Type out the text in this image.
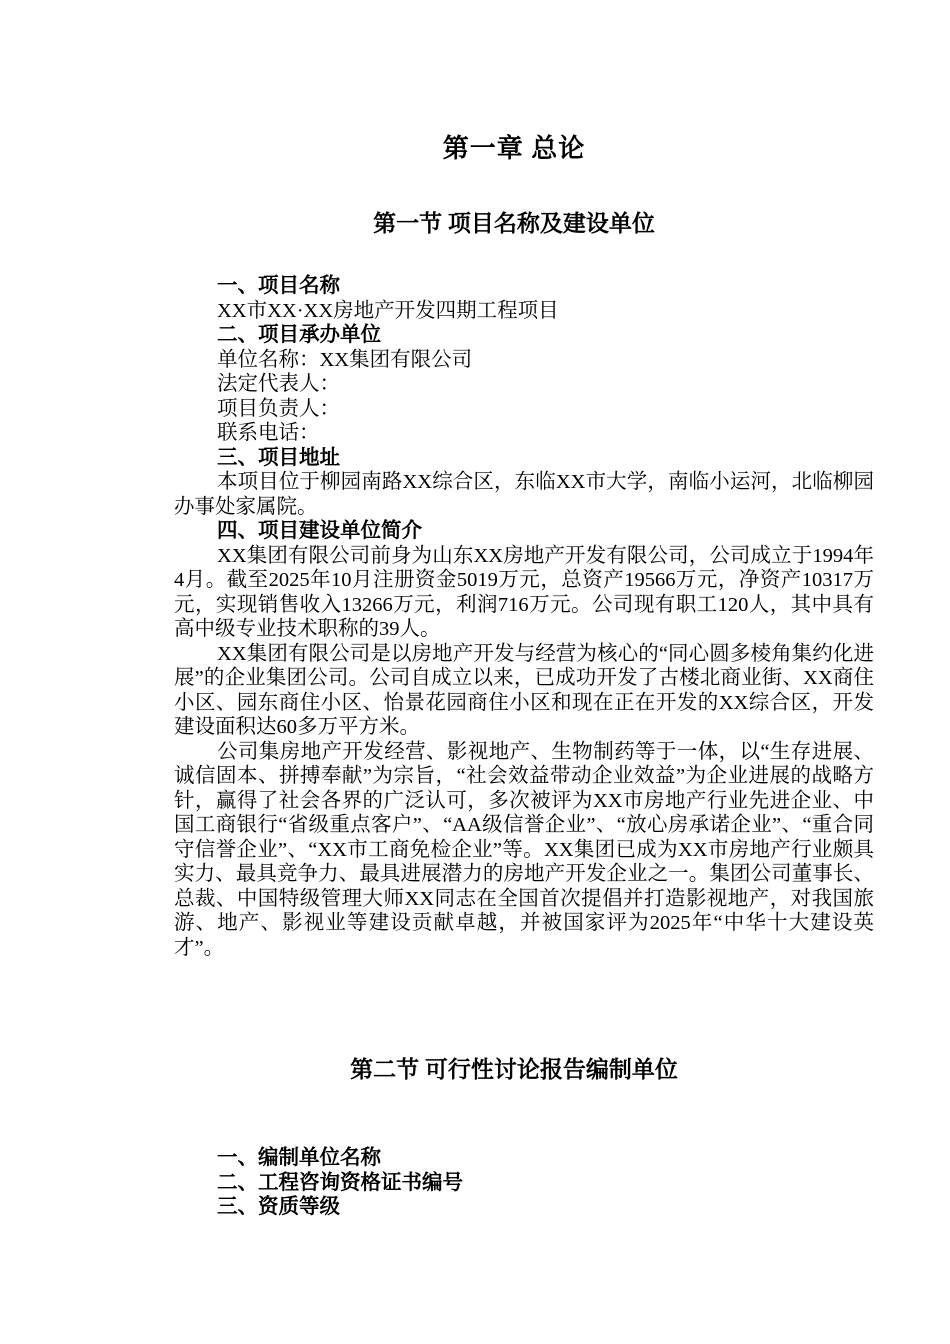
第一章 总论
第一节 项目名称及建设单位
一、项目名称
XX市XX·XX房地产开发四期工程项目
二、项目承办单位
单位名称：XX集团有限公司
法定代表人：
项目负责人：
联系电话：
三、项目地址

本项目位于柳园南路XX综合区，东临XX市大学，南临小运河，北临柳园办事处家属院。

四、项目建设单位简介

XX集团有限公司前身为山东XX房地产开发有限公司，公司成立于1994年4月。截至2025年10月注册资金5019万元，总资产19566万元，净资产10317万元，实现销售收入13266万元，利润716万元。公司现有职工120人，其中具有高中级专业技术职称的39人。

XX集团有限公司是以房地产开发与经营为核心的“同心圆多棱角集约化进展”的企业集团公司。公司自成立以来，已成功开发了古楼北商业街、XX商住小区、园东商住小区、怡景花园商住小区和现在正在开发的XX综合区，开发建设面积达60多万平方米。

公司集房地产开发经营、影视地产、生物制药等于一体，以“生存进展、诚信固本、拼搏奉献”为宗旨，“社会效益带动企业效益”为企业进展的战略方针，赢得了社会各界的广泛认可，多次被评为XX市房地产行业先进企业、中国工商银行“省级重点客户”、“AA级信誉企业”、“放心房承诺企业”、“重合同守信誉企业”、“XX市工商免检企业”等。XX集团已成为XX市房地产行业颇具实力、最具竞争力、最具进展潜力的房地产开发企业之一。集团公司董事长、总裁、中国特级管理大师XX同志在全国首次提倡并打造影视地产，对我国旅游、地产、影视业等建设贡献卓越，并被国家评为2025年“中华十大建设英才”。

第二节 可行性讨论报告编制单位
一、编制单位名称
二、工程咨询资格证书编号
三、资质等级
